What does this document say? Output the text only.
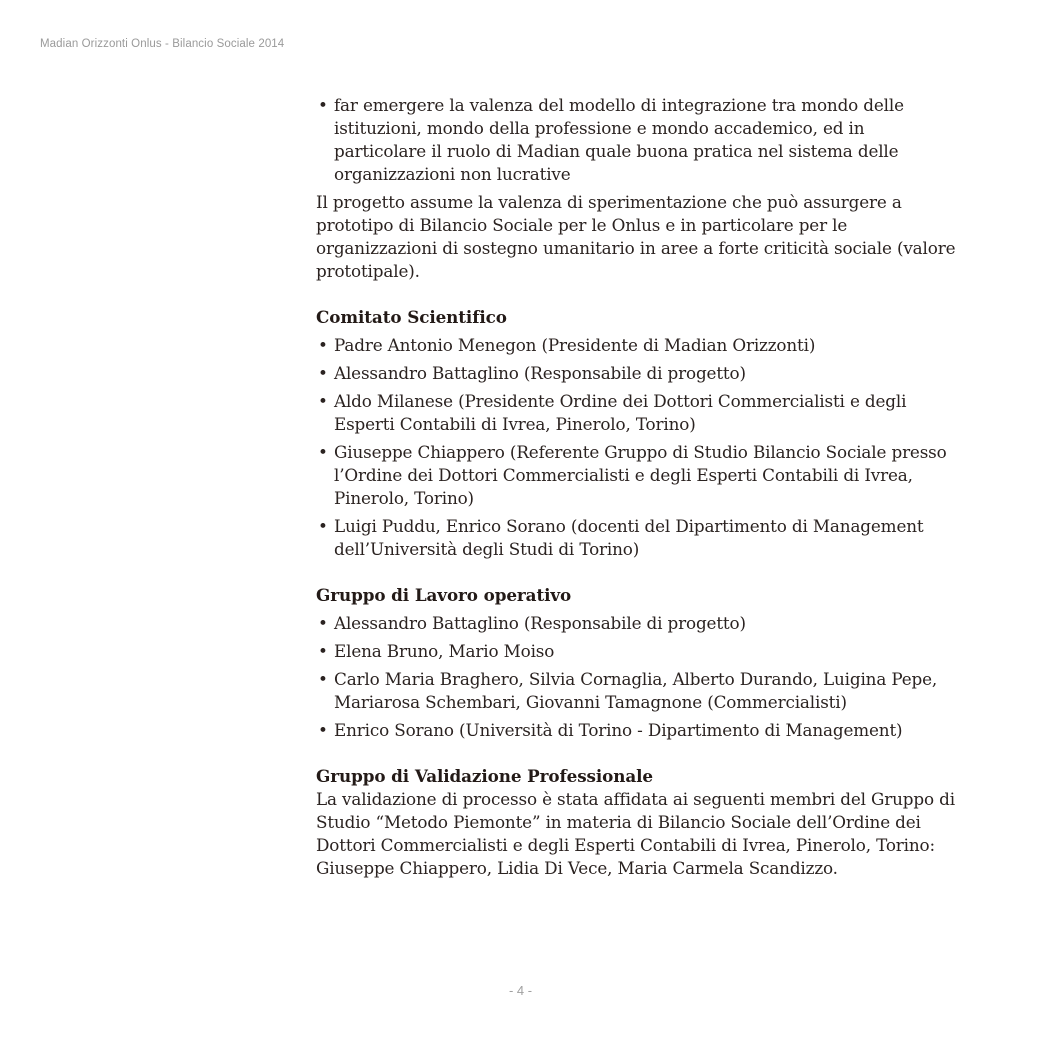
Madian Orizzonti Onlus - Bilancio Sociale 2014
• far emergere la valenza del modello di integrazione tra mondo delle istituzioni, mondo della professione e mondo accademico, ed in particolare il ruolo di Madian quale buona pratica nel sistema delle organizzazioni non lucrative

Il progetto assume la valenza di sperimentazione che può assurgere a prototipo di Bilancio Sociale per le Onlus e in particolare per le organizzazioni di sostegno umanitario in aree a forte criticità sociale (valore prototipale).

Comitato Scientifico
• Padre Antonio Menegon (Presidente di Madian Orizzonti)
• Alessandro Battaglino (Responsabile di progetto)
• Aldo Milanese (Presidente Ordine dei Dottori Commercialisti e degli Esperti Contabili di Ivrea, Pinerolo, Torino)
• Giuseppe Chiappero (Referente Gruppo di Studio Bilancio Sociale presso l’Ordine dei Dottori Commercialisti e degli Esperti Contabili di Ivrea, Pinerolo, Torino)
• Luigi Puddu, Enrico Sorano (docenti del Dipartimento di Management dell’Università degli Studi di Torino)
Gruppo di Lavoro operativo
• Alessandro Battaglino (Responsabile di progetto)
• Elena Bruno, Mario Moiso
• Carlo Maria Braghero, Silvia Cornaglia, Alberto Durando, Luigina Pepe, Mariarosa Schembari, Giovanni Tamagnone (Commercialisti)
• Enrico Sorano (Università di Torino - Dipartimento di Management)
Gruppo di Validazione Professionale

La validazione di processo è stata affidata ai seguenti membri del Gruppo di Studio “Metodo Piemonte” in materia di Bilancio Sociale dell’Ordine dei Dottori Commercialisti e degli Esperti Contabili di Ivrea, Pinerolo, Torino: Giuseppe Chiappero, Lidia Di Vece, Maria Carmela Scandizzo.

- 4 -
